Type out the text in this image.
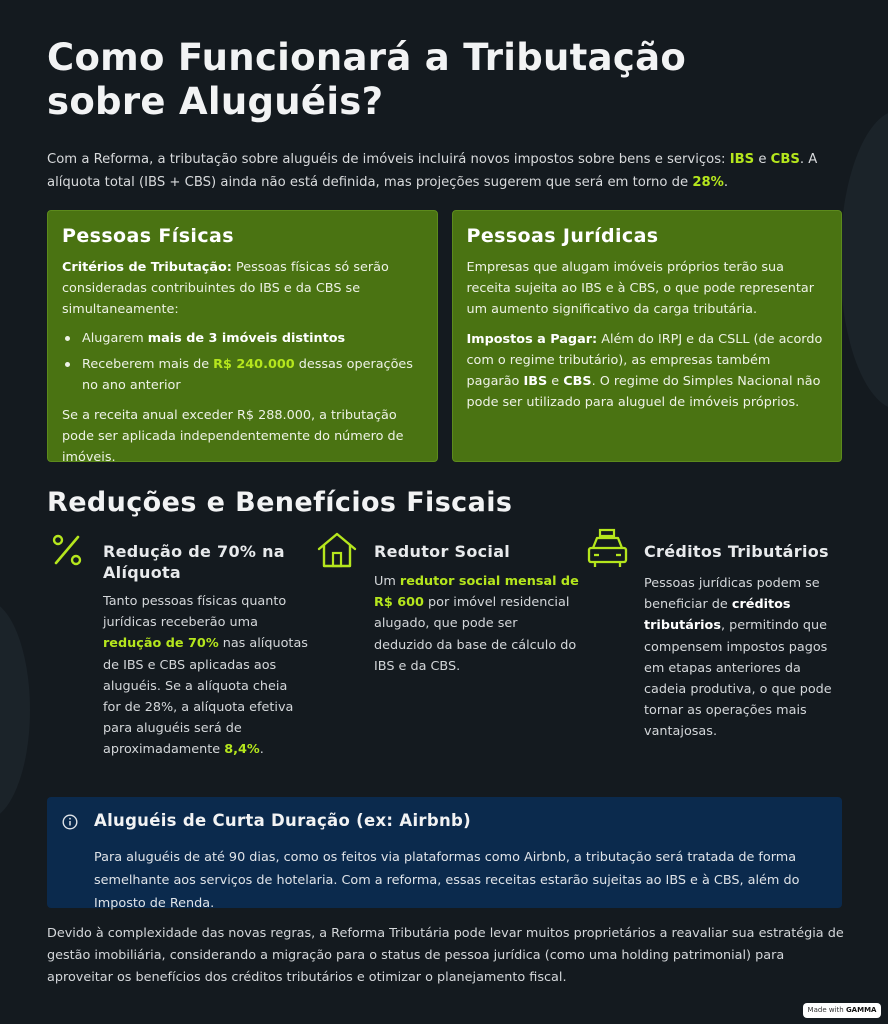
Como Funcionará a Tributação sobre Aluguéis?

Com a Reforma, a tributação sobre aluguéis de imóveis incluirá novos impostos sobre bens e serviços: IBS e CBS. A alíquota total (IBS + CBS) ainda não está definida, mas projeções sugerem que será em torno de 28%.

Pessoas Físicas

Critérios de Tributação: Pessoas físicas só serão consideradas contribuintes do IBS e da CBS se simultaneamente:

Alugarem mais de 3 imóveis distintos
Receberem mais de R$ 240.000 dessas operações no ano anterior

Se a receita anual exceder R$ 288.000, a tributação pode ser aplicada independentemente do número de imóveis.

Pessoas Jurídicas

Empresas que alugam imóveis próprios terão sua receita sujeita ao IBS e à CBS, o que pode representar um aumento significativo da carga tributária.

Impostos a Pagar: Além do IRPJ e da CSLL (de acordo com o regime tributário), as empresas também pagarão IBS e CBS. O regime do Simples Nacional não pode ser utilizado para aluguel de imóveis próprios.

Reduções e Benefícios Fiscais
Redução de 70% na Alíquota

Tanto pessoas físicas quanto jurídicas receberão uma redução de 70% nas alíquotas de IBS e CBS aplicadas aos aluguéis. Se a alíquota cheia for de 28%, a alíquota efetiva para aluguéis será de aproximadamente 8,4%.

Redutor Social

Um redutor social mensal de R$ 600 por imóvel residencial alugado, que pode ser deduzido da base de cálculo do IBS e da CBS.

Créditos Tributários

Pessoas jurídicas podem se beneficiar de créditos tributários, permitindo que compensem impostos pagos em etapas anteriores da cadeia produtiva, o que pode tornar as operações mais vantajosas.

Aluguéis de Curta Duração (ex: Airbnb)

Para aluguéis de até 90 dias, como os feitos via plataformas como Airbnb, a tributação será tratada de forma semelhante aos serviços de hotelaria. Com a reforma, essas receitas estarão sujeitas ao IBS e à CBS, além do Imposto de Renda.

Devido à complexidade das novas regras, a Reforma Tributária pode levar muitos proprietários a reavaliar sua estratégia de gestão imobiliária, considerando a migração para o status de pessoa jurídica (como uma holding patrimonial) para aproveitar os benefícios dos créditos tributários e otimizar o planejamento fiscal.

Made with GAMMA
